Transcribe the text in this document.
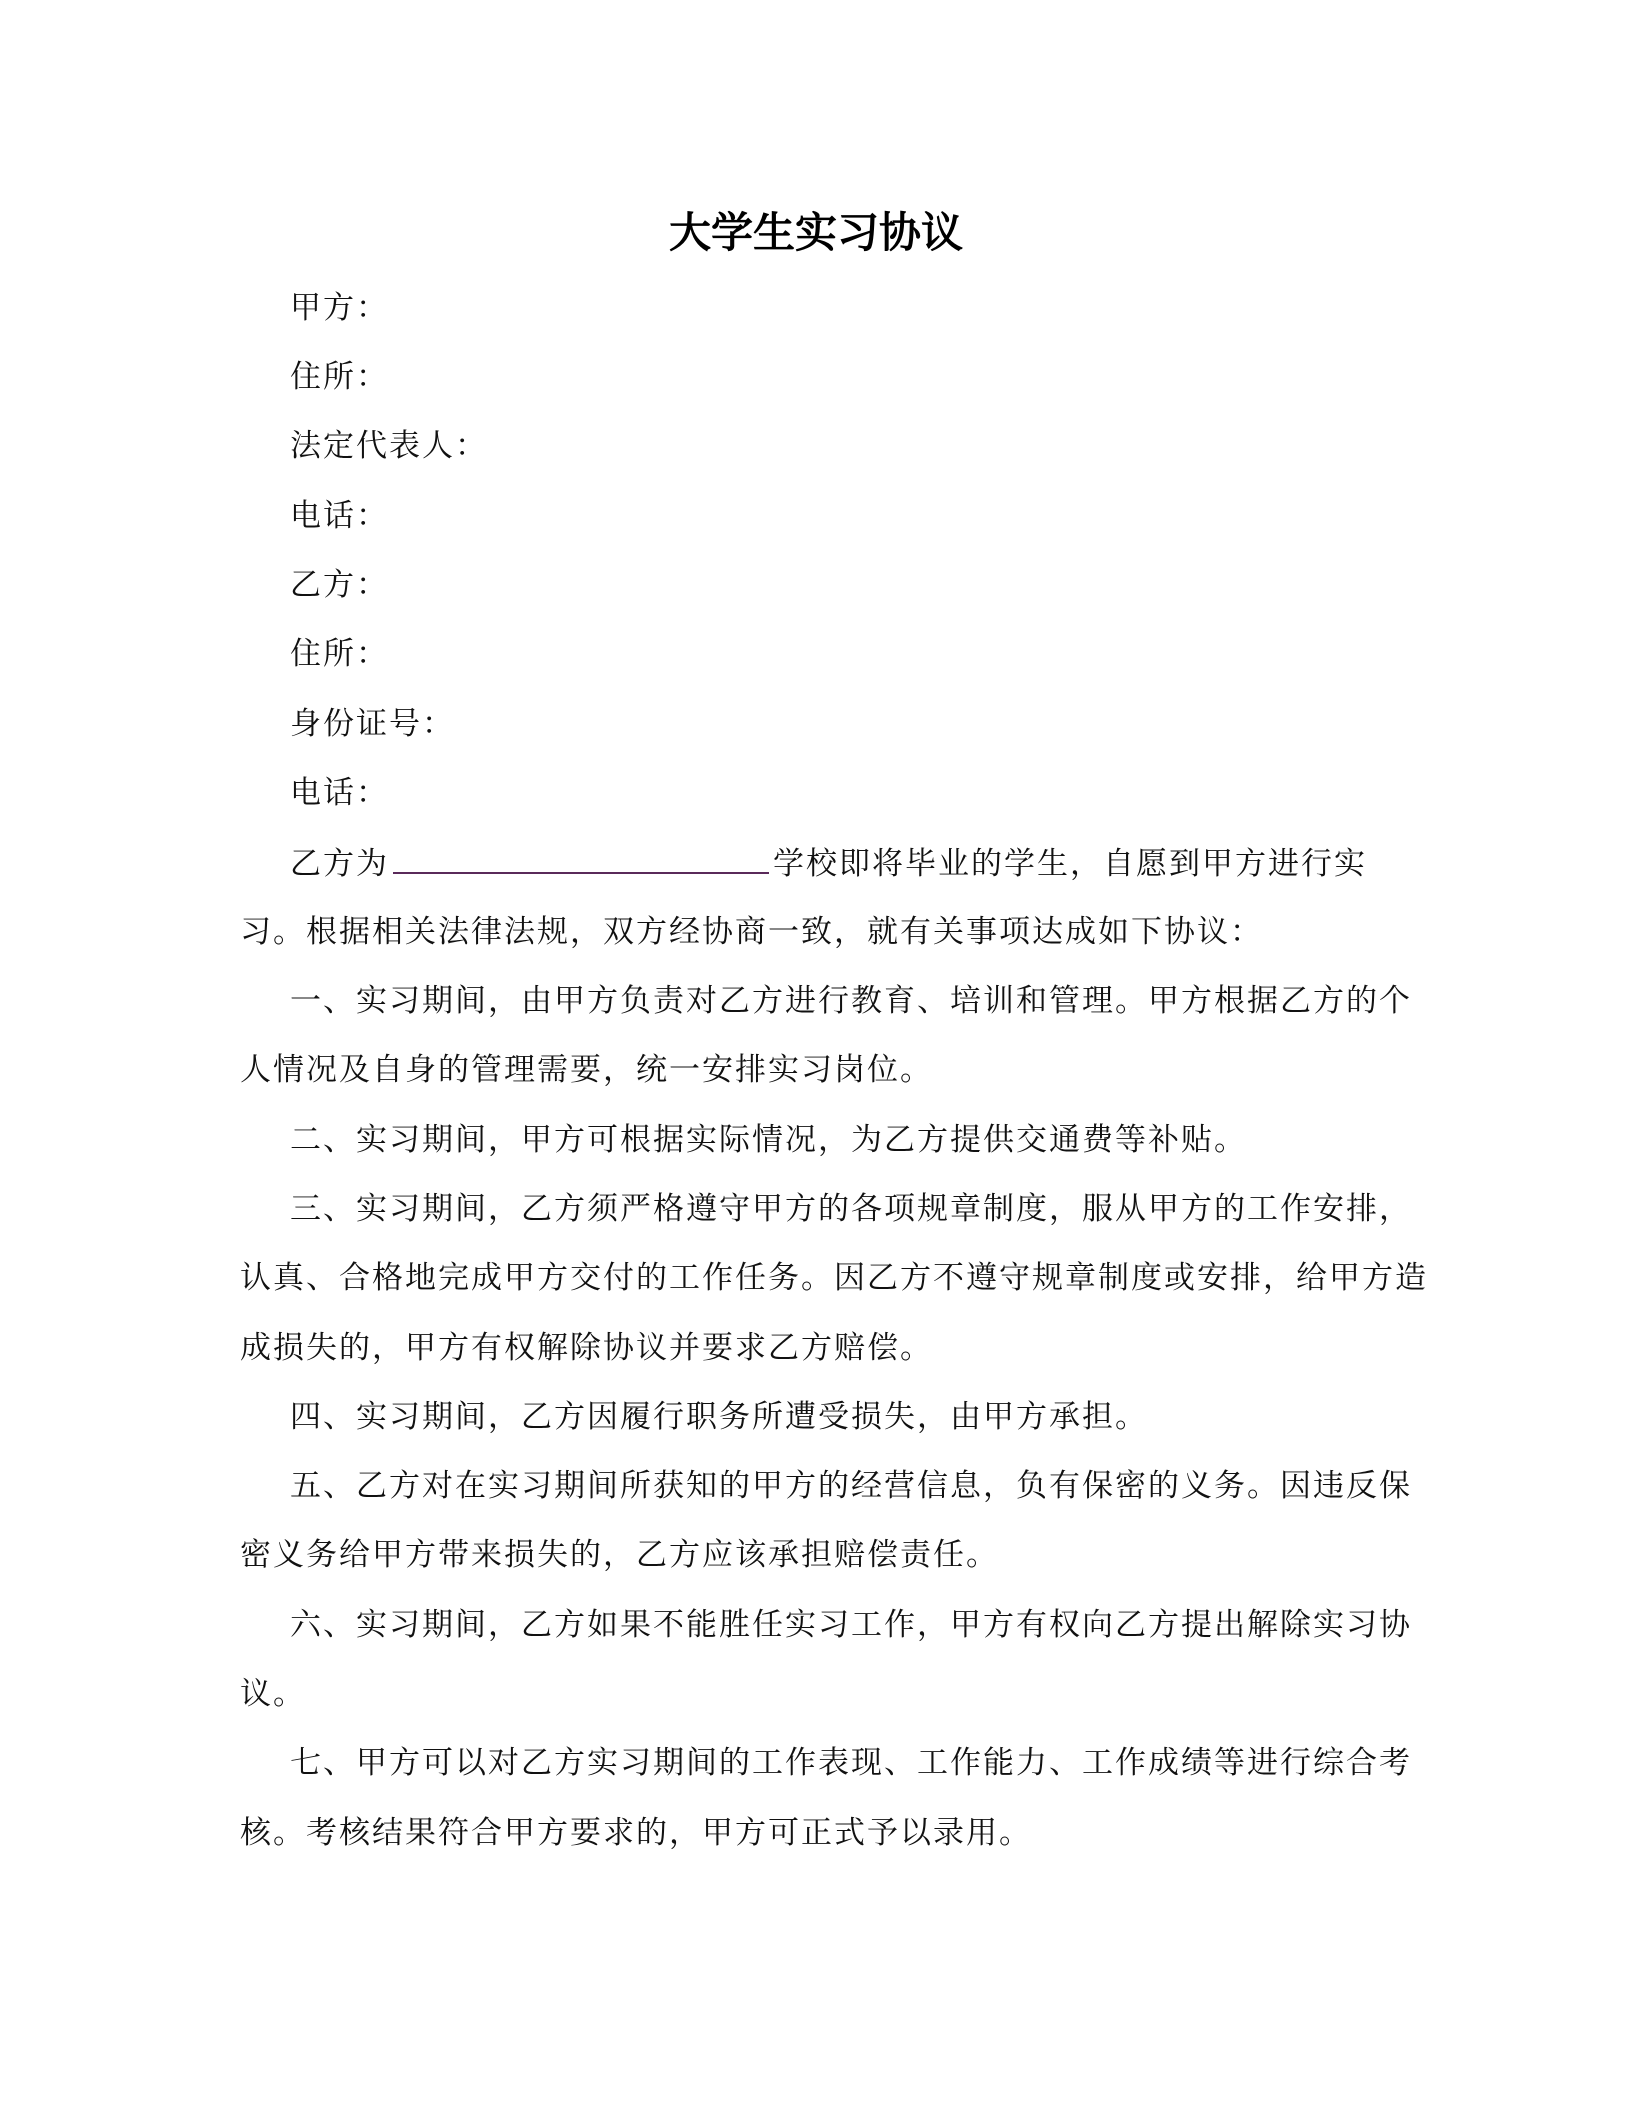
大学生实习协议
甲方：
住所：
法定代表人：
电话：
乙方：
住所：
身份证号：
电话：
乙方为	学校即将毕业的学生，自愿到甲方进行实
习。根据相关法律法规，双方经协商一致，就有关事项达成如下协议：
一、实习期间，由甲方负责对乙方进行教育、培训和管理。甲方根据乙方的个
人情况及自身的管理需要，统一安排实习岗位。
二、实习期间，甲方可根据实际情况，为乙方提供交通费等补贴。
三、实习期间，乙方须严格遵守甲方的各项规章制度，服从甲方的工作安排，
认真、合格地完成甲方交付的工作任务。因乙方不遵守规章制度或安排，给甲方造
成损失的，甲方有权解除协议并要求乙方赔偿。
四、实习期间，乙方因履行职务所遭受损失，由甲方承担。
五、乙方对在实习期间所获知的甲方的经营信息，负有保密的义务。因违反保
密义务给甲方带来损失的，乙方应该承担赔偿责任。
六、实习期间，乙方如果不能胜任实习工作，甲方有权向乙方提出解除实习协
议。
七、甲方可以对乙方实习期间的工作表现、工作能力、工作成绩等进行综合考
核。考核结果符合甲方要求的，甲方可正式予以录用。
